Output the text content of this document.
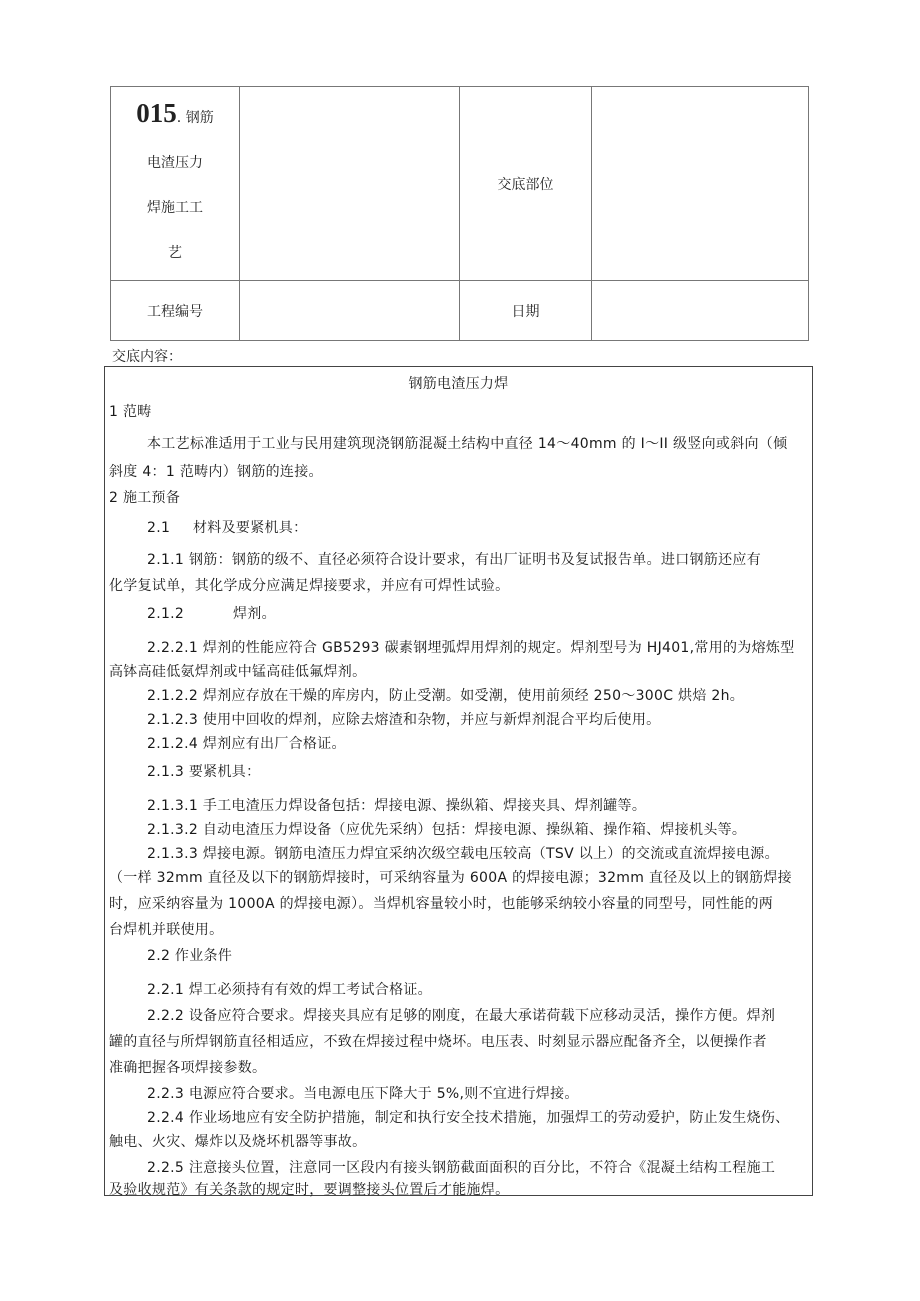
015. 钢筋
电渣压力
焊施工工
艺		交底部位	
工程编号		日期	
交底内容：
钢筋电渣压力焊
1 范畴
本工艺标准适用于工业与民用建筑现浇钢筋混凝土结构中直径 14～40mm 的 I～II 级竖向或斜向（倾
斜度 4：1 范畴内）钢筋的连接。
2 施工预备
2.1 材料及要紧机具：
2.1.1 钢筋：钢筋的级不、直径必须符合设计要求，有出厂证明书及复试报告单。进口钢筋还应有
化学复试单，其化学成分应满足焊接要求，并应有可焊性试验。
2.1.2	焊剂。
2.2.2.1 焊剂的性能应符合 GB5293 碳素钢埋弧焊用焊剂的规定。焊剂型号为 HJ401,常用的为熔炼型
高钵高硅低氨焊剂或中锰高硅低氟焊剂。
2.1.2.2 焊剂应存放在干燥的库房内，防止受潮。如受潮，使用前须经 250～300C 烘焙 2h。
2.1.2.3 使用中回收的焊剂，应除去熔渣和杂物，并应与新焊剂混合平均后使用。
2.1.2.4 焊剂应有出厂合格证。
2.1.3 要紧机具：
2.1.3.1 手工电渣压力焊设备包括：焊接电源、操纵箱、焊接夹具、焊剂罐等。
2.1.3.2 自动电渣压力焊设备（应优先采纳）包括：焊接电源、操纵箱、操作箱、焊接机头等。
2.1.3.3 焊接电源。钢筋电渣压力焊宜采纳次级空载电压较高（TSV 以上）的交流或直流焊接电源。
（一样 32mm 直径及以下的钢筋焊接时，可采纳容量为 600A 的焊接电源；32mm 直径及以上的钢筋焊接
时，应采纳容量为 1000A 的焊接电源）。当焊机容量较小时，也能够采纳较小容量的同型号，同性能的两
台焊机并联使用。
2.2 作业条件
2.2.1 焊工必须持有有效的焊工考试合格证。
2.2.2 设备应符合要求。焊接夹具应有足够的刚度，在最大承诺荷载下应移动灵活，操作方便。焊剂
罐的直径与所焊钢筋直径相适应，不致在焊接过程中烧坏。电压表、时刻显示器应配备齐全，以便操作者
准确把握各项焊接参数。
2.2.3 电源应符合要求。当电源电压下降大于 5%,则不宜进行焊接。
2.2.4 作业场地应有安全防护措施，制定和执行安全技术措施，加强焊工的劳动爱护，防止发生烧伤、
触电、火灾、爆炸以及烧坏机器等事故。
2.2.5 注意接头位置，注意同一区段内有接头钢筋截面面积的百分比，不符合《混凝土结构工程施工
及验收规范》有关条款的规定时，要调整接头位置后才能施焊。
